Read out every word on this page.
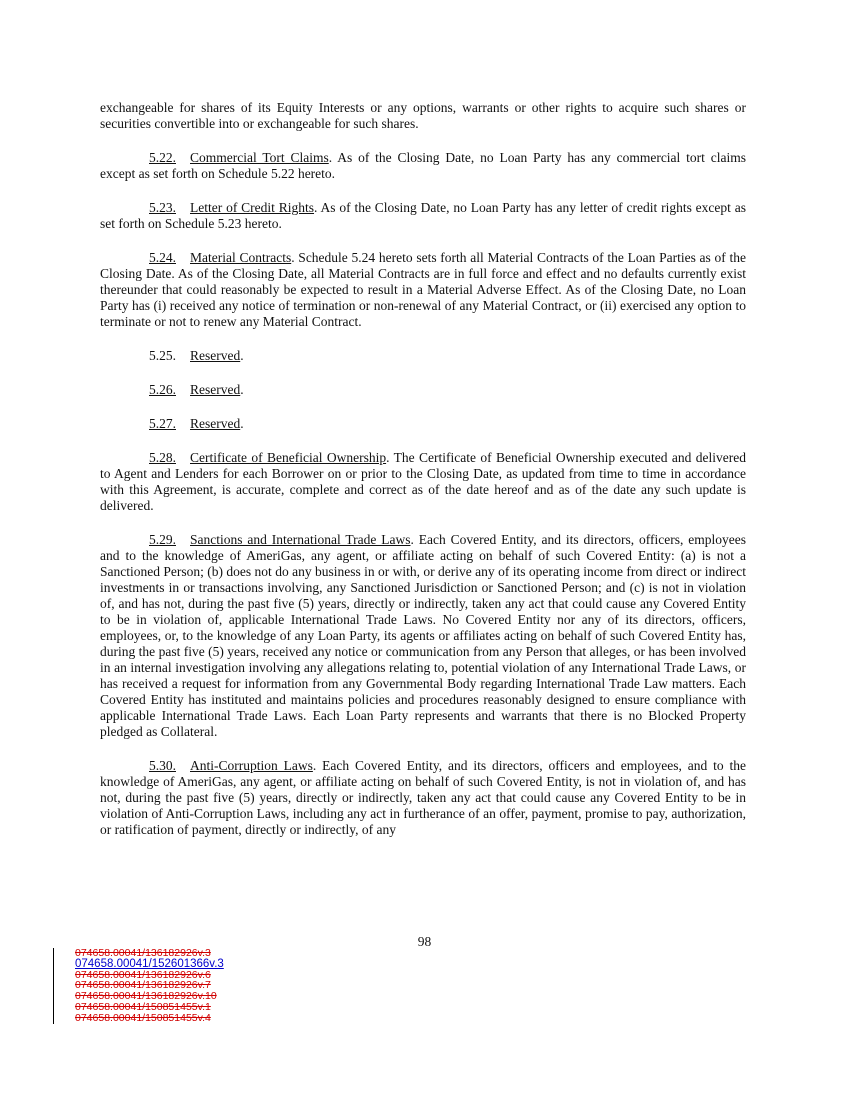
exchangeable for shares of its Equity Interests or any options, warrants or other rights to acquire such shares or securities convertible into or exchangeable for such shares.

5.22. Commercial Tort Claims. As of the Closing Date, no Loan Party has any commercial tort claims except as set forth on Schedule 5.22 hereto.

5.23. Letter of Credit Rights. As of the Closing Date, no Loan Party has any letter of credit rights except as set forth on Schedule 5.23 hereto.

5.24. Material Contracts. Schedule 5.24 hereto sets forth all Material Contracts of the Loan Parties as of the Closing Date. As of the Closing Date, all Material Contracts are in full force and effect and no defaults currently exist thereunder that could reasonably be expected to result in a Material Adverse Effect. As of the Closing Date, no Loan Party has (i) received any notice of termination or non-renewal of any Material Contract, or (ii) exercised any option to terminate or not to renew any Material Contract.

5.25. Reserved.

5.26. Reserved.

5.27. Reserved.

5.28. Certificate of Beneficial Ownership. The Certificate of Beneficial Ownership executed and delivered to Agent and Lenders for each Borrower on or prior to the Closing Date, as updated from time to time in accordance with this Agreement, is accurate, complete and correct as of the date hereof and as of the date any such update is delivered.

5.29. Sanctions and International Trade Laws. Each Covered Entity, and its directors, officers, employees and to the knowledge of AmeriGas, any agent, or affiliate acting on behalf of such Covered Entity: (a) is not a Sanctioned Person; (b) does not do any business in or with, or derive any of its operating income from direct or indirect investments in or transactions involving, any Sanctioned Jurisdiction or Sanctioned Person; and (c) is not in violation of, and has not, during the past five (5) years, directly or indirectly, taken any act that could cause any Covered Entity to be in violation of, applicable International Trade Laws. No Covered Entity nor any of its directors, officers, employees, or, to the knowledge of any Loan Party, its agents or affiliates acting on behalf of such Covered Entity has, during the past five (5) years, received any notice or communication from any Person that alleges, or has been involved in an internal investigation involving any allegations relating to, potential violation of any International Trade Laws, or has received a request for information from any Governmental Body regarding International Trade Law matters. Each Covered Entity has instituted and maintains policies and procedures reasonably designed to ensure compliance with applicable International Trade Laws. Each Loan Party represents and warrants that there is no Blocked Property pledged as Collateral.

5.30. Anti-Corruption Laws. Each Covered Entity, and its directors, officers and employees, and to the knowledge of AmeriGas, any agent, or affiliate acting on behalf of such Covered Entity, is not in violation of, and has not, during the past five (5) years, directly or indirectly, taken any act that could cause any Covered Entity to be in violation of Anti-Corruption Laws, including any act in furtherance of an offer, payment, promise to pay, authorization, or ratification of payment, directly or indirectly, of any

98
074658.00041/136182926v.3
074658.00041/152601366v.3
074658.00041/136182926v.6
074658.00041/136182926v.7
074658.00041/136182926v.10
074658.00041/150851455v.1
074658.00041/150851455v.4
